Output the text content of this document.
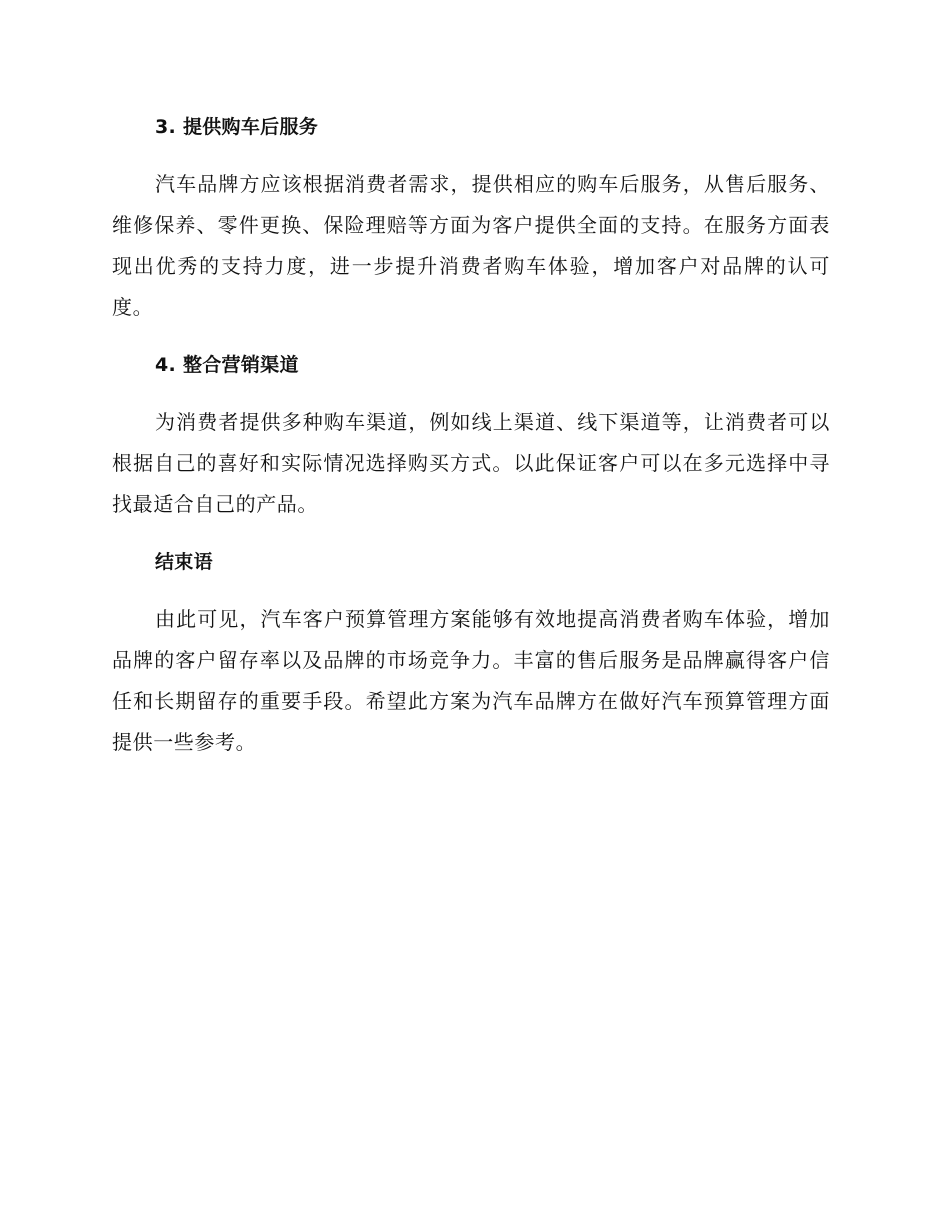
3. 提供购车后服务

汽车品牌方应该根据消费者需求，提供相应的购车后服务，从售后服务、维修保养、零件更换、保险理赔等方面为客户提供全面的支持。在服务方面表现出优秀的支持力度，进一步提升消费者购车体验，增加客户对品牌的认可度。

4. 整合营销渠道

为消费者提供多种购车渠道，例如线上渠道、线下渠道等，让消费者可以根据自己的喜好和实际情况选择购买方式。以此保证客户可以在多元选择中寻找最适合自己的产品。

结束语

由此可见，汽车客户预算管理方案能够有效地提高消费者购车体验，增加品牌的客户留存率以及品牌的市场竞争力。丰富的售后服务是品牌赢得客户信任和长期留存的重要手段。希望此方案为汽车品牌方在做好汽车预算管理方面提供一些参考。
